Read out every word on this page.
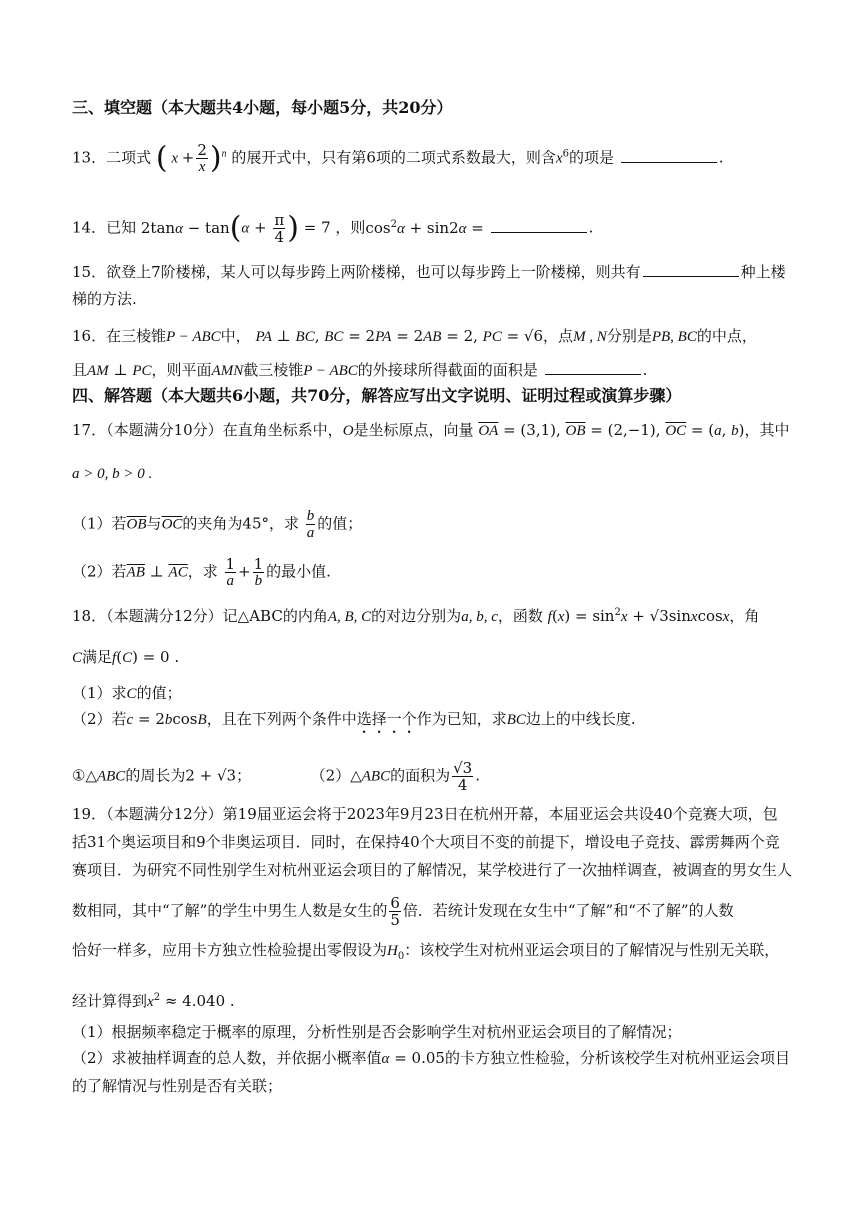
三、填空题（本大题共4小题，每小题5分，共20分）
13．二项式 ( $x + \frac{2}{x} )^n$ 的展开式中，只有第6项的二项式系数最大，则含$x^6$的项是	.
14．已知 $2\tan\alpha - \tan(\alpha + \frac{\pi}{4}$ ) = 7 ，则$\cos^2\alpha + \sin 2\alpha$ =	.
15．欲登上7阶楼梯，某人可以每步跨上两阶楼梯，也可以每步跨上一阶楼梯，则共有	种上楼
梯的方法.
16．在三棱锥P − ABC中， PA ⊥ BC, BC = 2PA = 2AB = 2, PC = √6，点M , N分别是PB, BC的中点，
且AM ⊥ PC，则平面AMN截三棱锥P − ABC的外接球所得截面的面积是	.
四、解答题（本大题共6小题，共70分，解答应写出文字说明、证明过程或演算步骤）
17．（本题满分10分）在直角坐标系中，O是坐标原点，向量 $\overline{OA} = (3,1)$, $\overline{OB} = (2,-1)$, $\overline{OC} = (a$, b)，其中
a > 0, b > 0 .
（1）若$\overline{OB}$与$\overline{OC}$的夹角为45°，求 $\frac{b}{a}$ 的值；
（2）若$\overline{AB}$ ⊥ $\overline{AC}$，求 $\frac{1}{a} + \frac{1}{b}$ 的最小值.
18．（本题满分12分）记△ABC的内角A, B, C的对边分别为a, b, c，函数 $f(x) = \sin^2x$ + √3sinxcosx，角
C满足f(C) = 0 .
（1）求C的值；
（2）若c = 2bcosB，且在下列两个条件中选择一个作为已知，求BC边上的中线长度.
①△ABC的周长为2 + √3；	（2）△ABC的面积为 $\frac{√3}{4}$ .
19．（本题满分12分）第19届亚运会将于2023年9月23日在杭州开幕，本届亚运会共设40个竞赛大项，包
括31个奥运项目和9个非奥运项目．同时，在保持40个大项目不变的前提下，增设电子竞技、霹雳舞两个竞
赛项目．为研究不同性别学生对杭州亚运会项目的了解情况，某学校进行了一次抽样调查，被调查的男女生人
数相同，其中“了解”的学生中男生人数是女生的 $\frac{6}{5}$ 倍．若统计发现在女生中“了解”和“不了解”的人数
恰好一样多，应用卡方独立性检验提出零假设为$H_0$：该校学生对杭州亚运会项目的了解情况与性别无关联，
经计算得到$x^2 \approx 4.040$ .
（1）根据频率稳定于概率的原理，分析性别是否会影响学生对杭州亚运会项目的了解情况；
（2）求被抽样调查的总人数，并依据小概率值α = 0.05的卡方独立性检验，分析该校学生对杭州亚运会项目
的了解情况与性别是否有关联；
